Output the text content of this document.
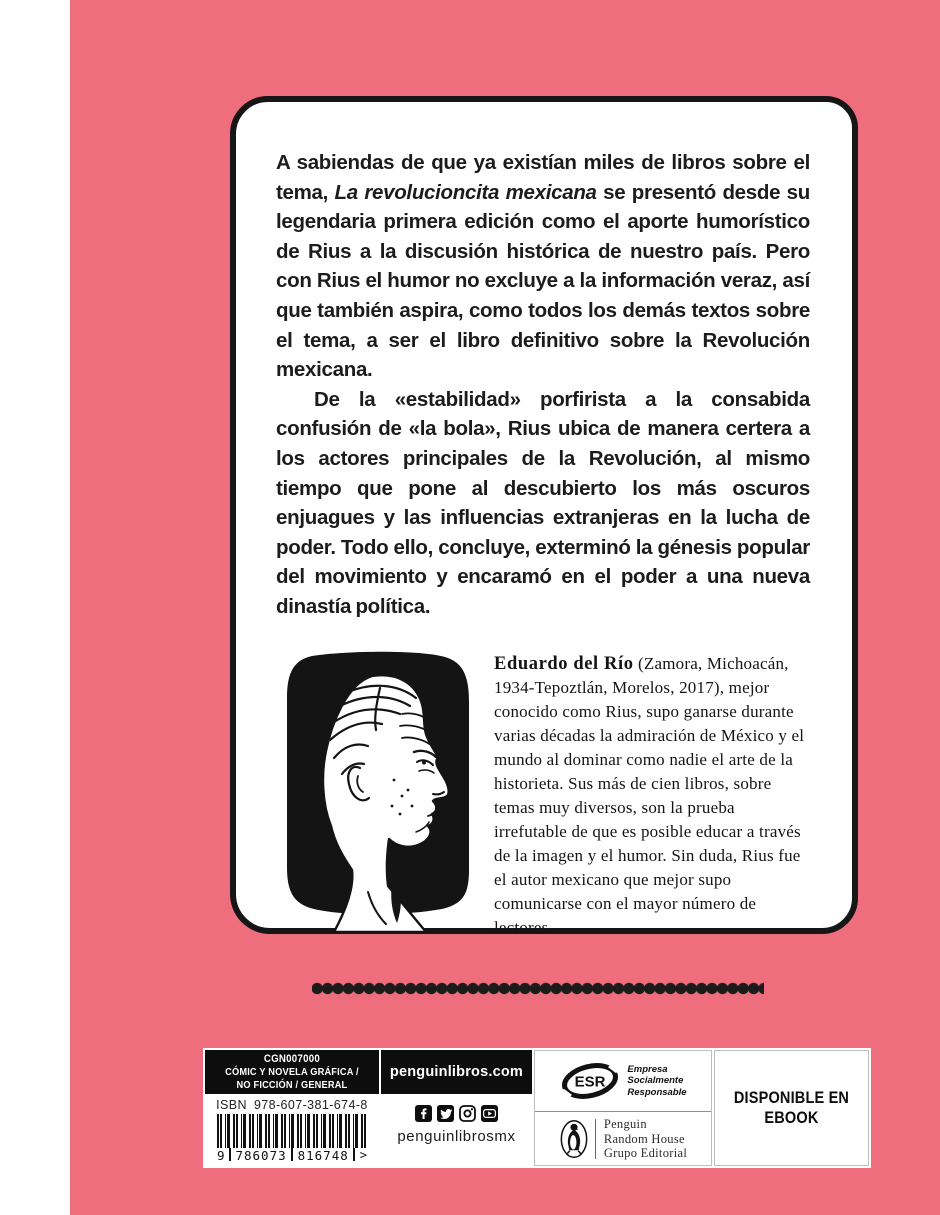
A sabiendas de que ya existían miles de libros sobre el tema, La revolucioncita mexicana se presentó desde su legendaria primera edición como el aporte humorístico de Rius a la discusión histórica de nuestro país. Pero con Rius el humor no excluye a la información veraz, así que también aspira, como todos los demás textos sobre el tema, a ser el libro definitivo sobre la Revolución mexicana.

De la «estabilidad» porfirista a la consabida confusión de «la bola», Rius ubica de manera certera a los actores principales de la Revolución, al mismo tiempo que pone al descubierto los más oscuros enjuagues y las influencias extranjeras en la lucha de poder. Todo ello, concluye, exterminó la génesis popular del movimiento y encaramó en el poder a una nueva dinastía política.

Eduardo del Río (Zamora, Michoacán, 1934-Tepoztlán, Morelos, 2017), mejor conocido como Rius, supo ganarse durante varias décadas la admiración de México y el mundo al dominar como nadie el arte de la historieta. Sus más de cien libros, sobre temas muy diversos, son la prueba irrefutable de que es posible educar a través de la imagen y el humor. Sin duda, Rius fue el autor mexicano que mejor supo comunicarse con el mayor número de lectores.
CGN007000
CÓMIC Y NOVELA GRÁFICA /
NO FICCIÓN / GENERAL
ISBN 978-607-381-674-8
9 786073 816748 >
penguinlibros.com
penguinlibrosmx
ESR
Empresa
Socialmente
Responsable
Penguin
Random House
Grupo Editorial
DISPONIBLE EN
EBOOK
